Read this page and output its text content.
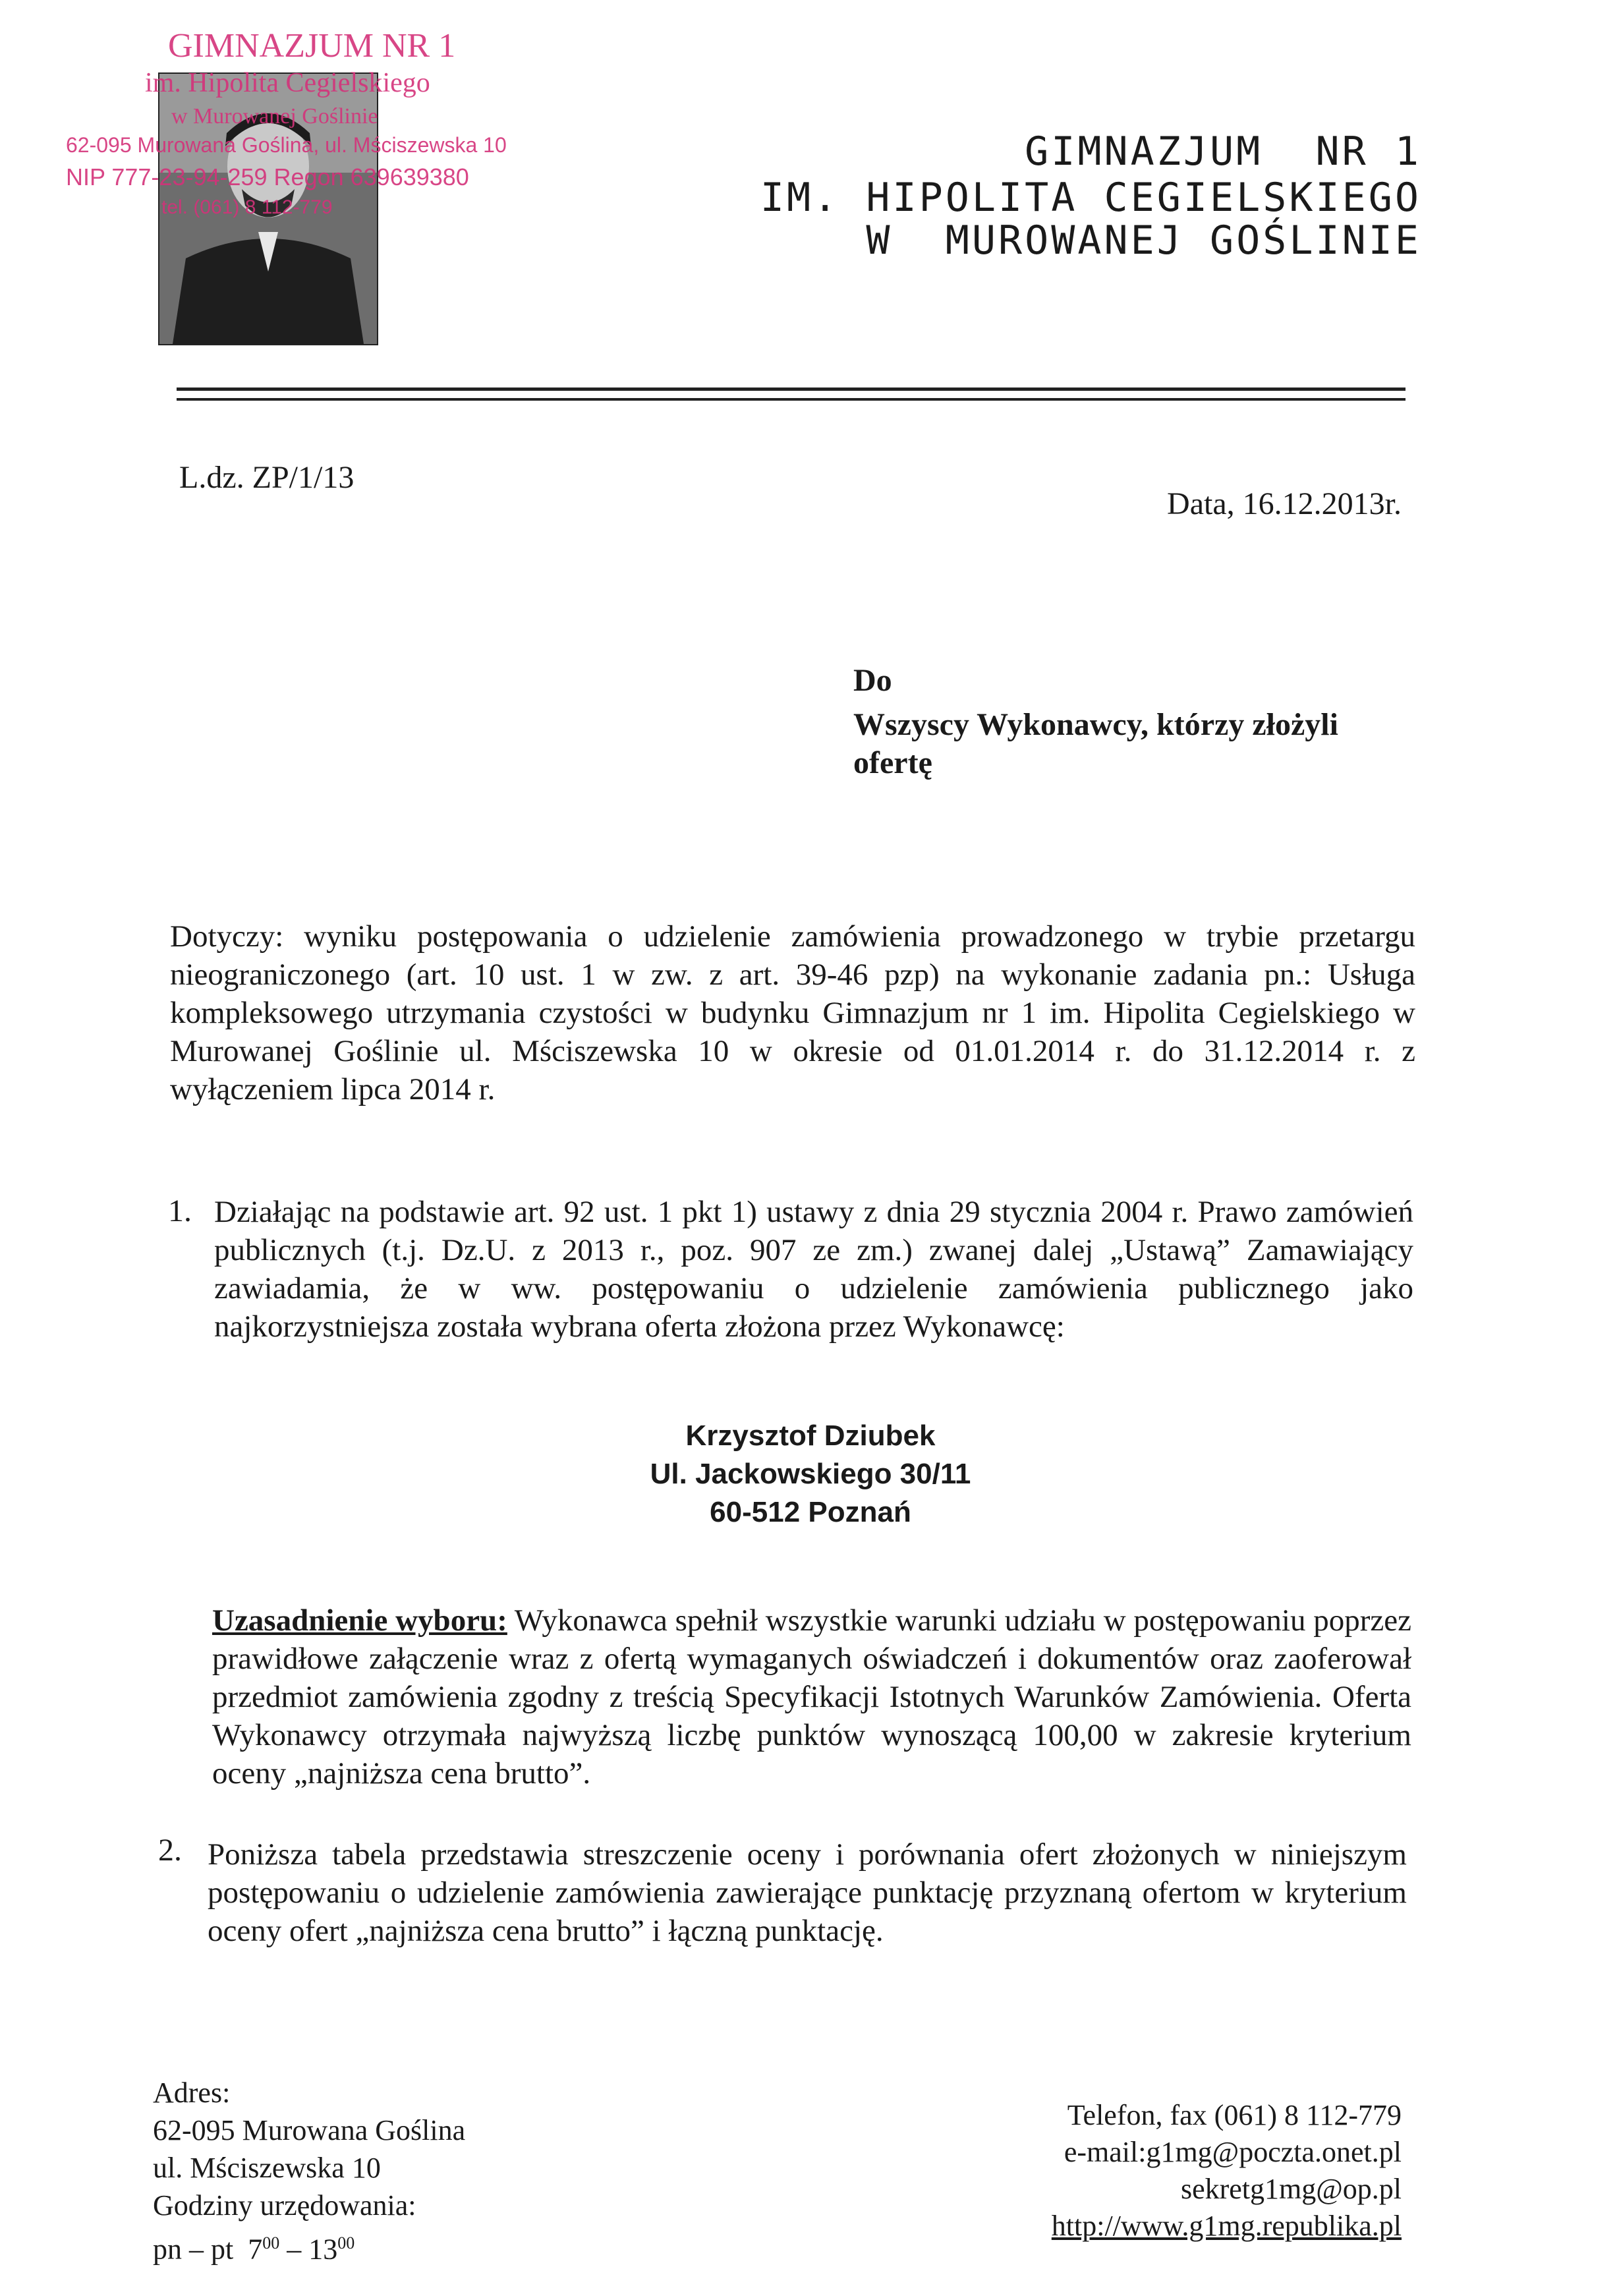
GIMNAZJUM NR 1
im. Hipolita Cegielskiego
w Murowanej Goślinie
62-095 Murowana Goślina, ul. Mściszewska 10
NIP 777-23-94-259 Regon 639639380
tel. (061) 8 112-779
GIMNAZJUM  NR 1
IM. HIPOLITA CEGIELSKIEGO
W  MUROWANEJ GOŚLINIE
L.dz. ZP/1/13
Data, 16.12.2013r.
Do
Wszyscy Wykonawcy, którzy złożyli
ofertę
Dotyczy: wyniku postępowania o udzielenie zamówienia prowadzonego w trybie przetargu nieograniczonego (art. 10 ust. 1 w zw. z art. 39-46 pzp) na wykonanie zadania pn.: Usługa kompleksowego utrzymania czystości w budynku Gimnazjum nr 1 im. Hipolita Cegielskiego w Murowanej Goślinie ul. Mściszewska 10 w okresie od 01.01.2014 r. do 31.12.2014 r. z wyłączeniem lipca 2014 r.
1. Działając na podstawie art. 92 ust. 1 pkt 1) ustawy z dnia 29 stycznia 2004 r. Prawo zamówień publicznych (t.j. Dz.U. z 2013 r., poz. 907 ze zm.) zwanej dalej „Ustawą” Zamawiający zawiadamia, że w ww. postępowaniu o udzielenie zamówienia publicznego jako najkorzystniejsza została wybrana oferta złożona przez Wykonawcę:
Krzysztof Dziubek
Ul. Jackowskiego 30/11
60-512 Poznań
Uzasadnienie wyboru: Wykonawca spełnił wszystkie warunki udziału w postępowaniu poprzez prawidłowe załączenie wraz z ofertą wymaganych oświadczeń i dokumentów oraz zaoferował przedmiot zamówienia zgodny z treścią Specyfikacji Istotnych Warunków Zamówienia. Oferta Wykonawcy otrzymała najwyższą liczbę punktów wynoszącą 100,00 w zakresie kryterium oceny „najniższa cena brutto”.
2. Poniższa tabela przedstawia streszczenie oceny i porównania ofert złożonych w niniejszym postępowaniu o udzielenie zamówienia zawierające punktację przyznaną ofertom w kryterium oceny ofert „najniższa cena brutto” i łączną punktację.
Adres:
62-095 Murowana Goślina
ul. Mściszewska 10
Godziny urzędowania:
pn – pt $7^{00} - 13^{00}$
Telefon, fax (061) 8 112-779
e-mail:g1mg@poczta.onet.pl
sekretg1mg@op.pl
http://www.g1mg.republika.pl
